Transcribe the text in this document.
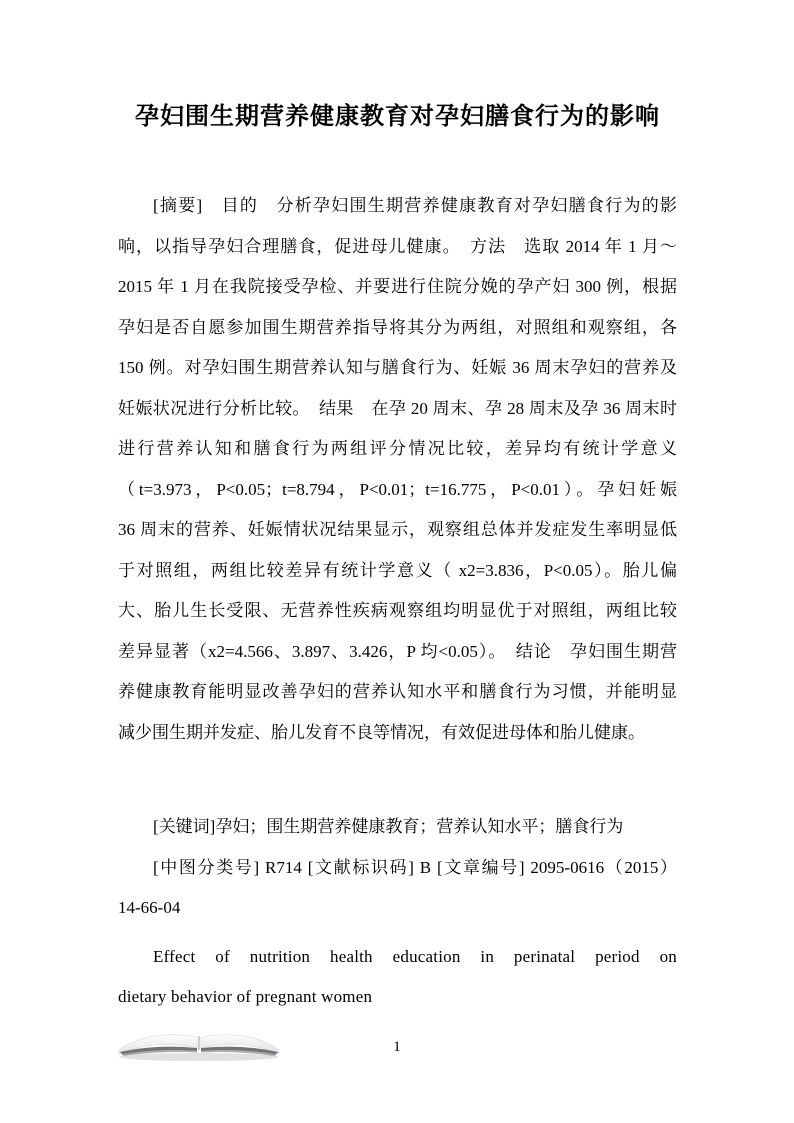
孕妇围生期营养健康教育对孕妇膳食行为的影响

[摘要]　目的　分析孕妇围生期营养健康教育对孕妇膳食行为的影

响，以指导孕妇合理膳食，促进母儿健康。　方法　选取 2014 年 1 月～

2015 年 1 月在我院接受孕检、并要进行住院分娩的孕产妇 300 例，根据

孕妇是否自愿参加围生期营养指导将其分为两组，对照组和观察组，各

150 例。对孕妇围生期营养认知与膳食行为、妊娠 36 周末孕妇的营养及

妊娠状况进行分析比较。　结果　在孕 20 周末、孕 28 周末及孕 36 周末时

进行营养认知和膳食行为两组评分情况比较，差异均有统计学意义

（t=3.973，P<0.05；t=8.794，P<0.01；t=16.775，P<0.01）。孕妇妊娠

36 周末的营养、妊娠情状况结果显示，观察组总体并发症发生率明显低

于对照组，两组比较差异有统计学意义（ x2=3.836，P<0.05）。胎儿偏

大、胎儿生长受限、无营养性疾病观察组均明显优于对照组，两组比较

差异显著（x2=4.566、3.897、3.426，P 均<0.05）。　结论　孕妇围生期营

养健康教育能明显改善孕妇的营养认知水平和膳食行为习惯，并能明显

减少围生期并发症、胎儿发育不良等情况，有效促进母体和胎儿健康。

[关键词]孕妇；围生期营养健康教育；营养认知水平；膳食行为

[中图分类号] R714 [文献标识码] B [文章编号] 2095-0616（2015）

14-66-04

Effect of nutrition health education in perinatal period on

dietary behavior of pregnant women

1
